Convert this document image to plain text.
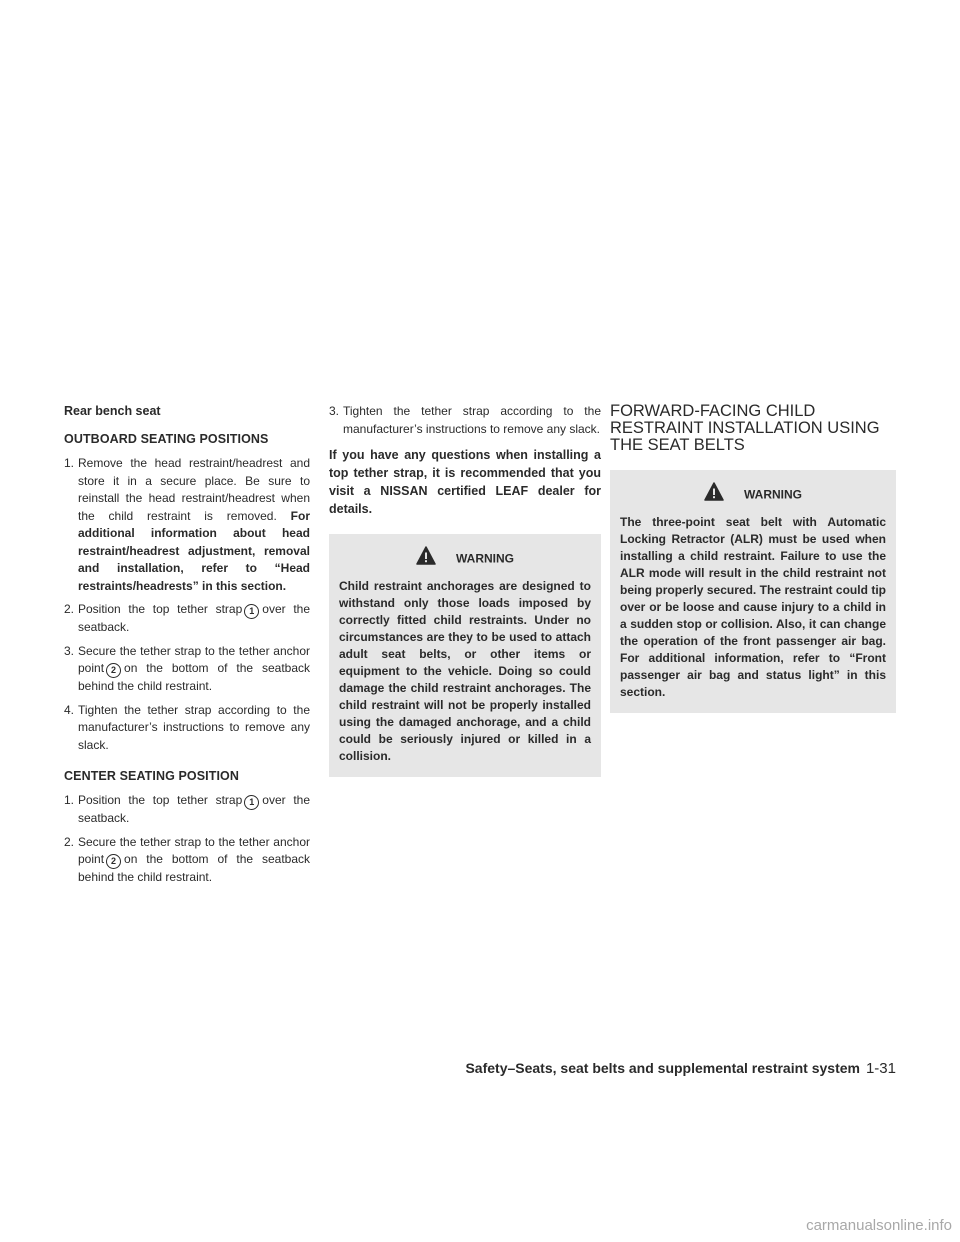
Rear bench seat
OUTBOARD SEATING POSITIONS
1. Remove the head restraint/headrest and store it in a secure place. Be sure to reinstall the head restraint/headrest when the child restraint is removed. For additional information about head restraint/headrest adjustment, removal and installation, refer to “Head restraints/headrests” in this section.
2. Position the top tether strap 1 over the seatback.
3. Secure the tether strap to the tether anchor point 2 on the bottom of the seatback behind the child restraint.
4. Tighten the tether strap according to the manufacturer’s instructions to remove any slack.
CENTER SEATING POSITION
1. Position the top tether strap 1 over the seatback.
2. Secure the tether strap to the tether anchor point 2 on the bottom of the seatback behind the child restraint.
3. Tighten the tether strap according to the manufacturer’s instructions to remove any slack.
If you have any questions when installing a top tether strap, it is recommended that you visit a NISSAN certified LEAF dealer for details.
WARNING
Child restraint anchorages are designed to withstand only those loads imposed by correctly fitted child restraints. Under no circumstances are they to be used to attach adult seat belts, or other items or equipment to the vehicle. Doing so could damage the child restraint anchorages. The child restraint will not be properly installed using the damaged anchorage, and a child could be seriously injured or killed in a collision.
FORWARD-FACING CHILD
RESTRAINT INSTALLATION USING
THE SEAT BELTS
WARNING
The three-point seat belt with Automatic Locking Retractor (ALR) must be used when installing a child restraint. Failure to use the ALR mode will result in the child restraint not being properly secured. The restraint could tip over or be loose and cause injury to a child in a sudden stop or collision. Also, it can change the operation of the front passenger air bag. For additional information, refer to “Front passenger air bag and status light” in this section.
Safety–Seats, seat belts and supplemental restraint system 1-31
carmanualsonline.info
